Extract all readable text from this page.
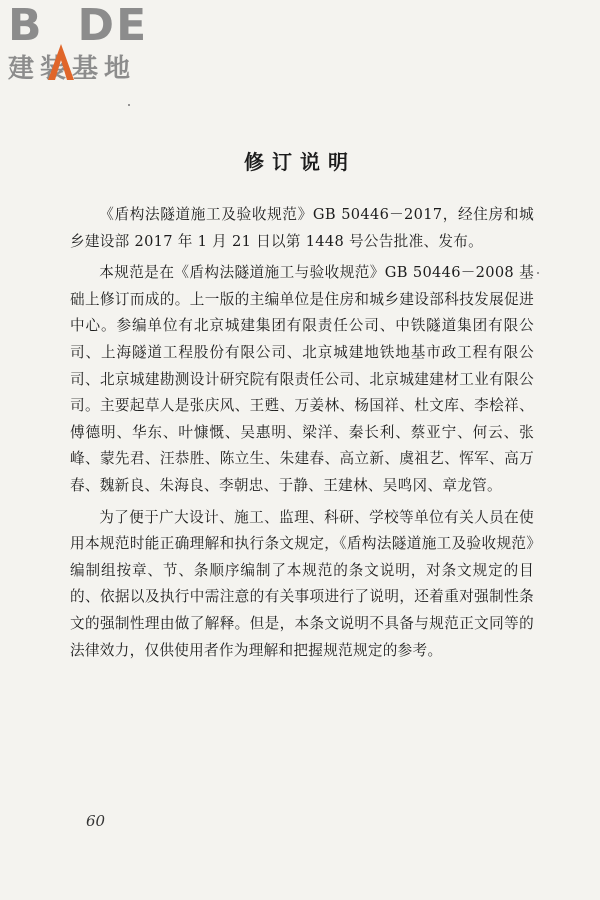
B DE
建装基地
修订说明

《盾构法隧道施工及验收规范》GB 50446－2017，经住房和城乡建设部 2017 年 1 月 21 日以第 1448 号公告批准、发布。

本规范是在《盾构法隧道施工与验收规范》GB 50446－2008 基础上修订而成的。上一版的主编单位是住房和城乡建设部科技发展促进中心。参编单位有北京城建集团有限责任公司、中铁隧道集团有限公司、上海隧道工程股份有限公司、北京城建地铁地基市政工程有限公司、北京城建勘测设计研究院有限责任公司、北京城建建材工业有限公司。主要起草人是张庆风、王甦、万姜林、杨国祥、杜文库、李桧祥、傅德明、华东、叶慷慨、吴惠明、梁洋、秦长利、蔡亚宁、何云、张峰、蒙先君、汪恭胜、陈立生、朱建春、高立新、虞祖艺、恽军、高万春、魏新良、朱海良、李朝忠、于静、王建林、吴鸣冈、章龙管。

为了便于广大设计、施工、监理、科研、学校等单位有关人员在使用本规范时能正确理解和执行条文规定，《盾构法隧道施工及验收规范》编制组按章、节、条顺序编制了本规范的条文说明，对条文规定的目的、依据以及执行中需注意的有关事项进行了说明，还着重对强制性条文的强制性理由做了解释。但是，本条文说明不具备与规范正文同等的法律效力，仅供使用者作为理解和把握规范规定的参考。

60
